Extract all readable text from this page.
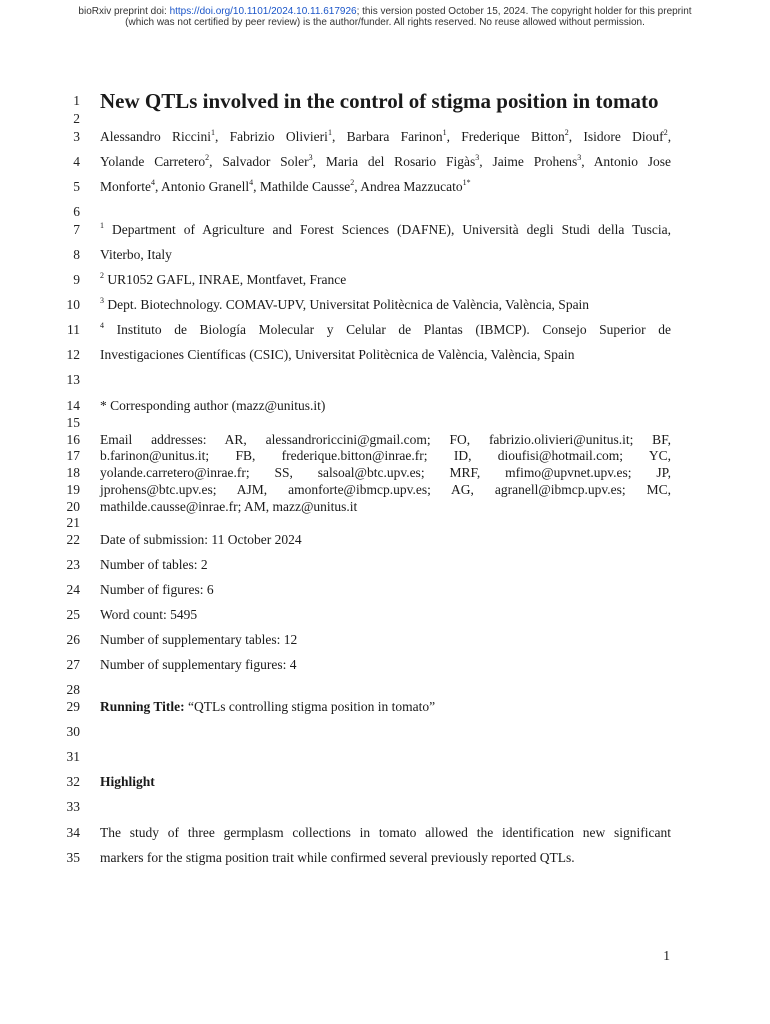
bioRxiv preprint doi: https://doi.org/10.1101/2024.10.11.617926; this version posted October 15, 2024. The copyright holder for this preprint
(which was not certified by peer review) is the author/funder. All rights reserved. No reuse allowed without permission.
1
2
3
4
5
6
7
8
9
10
11
12
13
14
15
16
17
18
19
20
21
22
23
24
25
26
27
28
29
30
31
32
33
34
35
New QTLs involved in the control of stigma position in tomato
Alessandro Riccini$^1$, Fabrizio Olivieri$^1$, Barbara Farinon$^1$, Frederique Bitton$^2$, Isidore Diouf$^2$,
Yolande Carretero$^2$, Salvador Soler$^3$, Maria del Rosario Figàs$^3$, Jaime Prohens$^3$, Antonio Jose
Monforte$^4$, Antonio Granell$^4$, Mathilde Causse$^2$, Andrea Mazzucato$^{1*}$
$^1$ Department of Agriculture and Forest Sciences (DAFNE), Università degli Studi della Tuscia,
Viterbo, Italy
$^2$ UR1052 GAFL, INRAE, Montfavet, France
$^3$ Dept. Biotechnology. COMAV-UPV, Universitat Politècnica de València, València, Spain
$^4$ Instituto de Biología Molecular y Celular de Plantas (IBMCP). Consejo Superior de
Investigaciones Científicas (CSIC), Universitat Politècnica de València, València, Spain
* Corresponding author (mazz@unitus.it)
Email addresses: AR, alessandroriccini@gmail.com; FO, fabrizio.olivieri@unitus.it; BF,
b.farinon@unitus.it; FB, frederique.bitton@inrae.fr; ID, dioufisi@hotmail.com; YC,
yolande.carretero@inrae.fr; SS, salsoal@btc.upv.es; MRF, mfimo@upvnet.upv.es; JP,
jprohens@btc.upv.es; AJM, amonforte@ibmcp.upv.es; AG, agranell@ibmcp.upv.es; MC,
mathilde.causse@inrae.fr; AM, mazz@unitus.it
Date of submission: 11 October 2024
Number of tables: 2
Number of figures: 6
Word count: 5495
Number of supplementary tables: 12
Number of supplementary figures: 4
Running Title: “QTLs controlling stigma position in tomato”
Highlight
The study of three germplasm collections in tomato allowed the identification new significant
markers for the stigma position trait while confirmed several previously reported QTLs.
1
